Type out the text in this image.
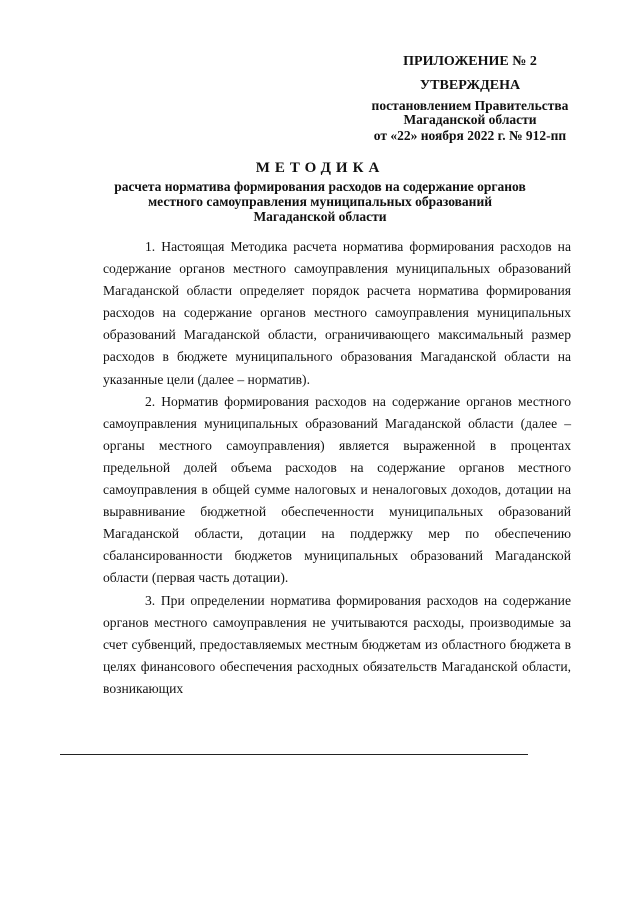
ПРИЛОЖЕНИЕ № 2
УТВЕРЖДЕНА
постановлением Правительства
Магаданской области
от «22» ноября 2022 г. № 912-пп
МЕТОДИКА
расчета норматива формирования расходов на содержание органов
местного самоуправления муниципальных образований
Магаданской области

1. Настоящая Методика расчета норматива формирования расходов на содержание органов местного самоуправления муниципальных образований Магаданской области определяет порядок расчета норматива формирования расходов на содержание органов местного самоуправления муниципальных образований Магаданской области, ограничивающего максимальный размер расходов в бюджете муниципального образования Магаданской области на указанные цели (далее – норматив).

2. Норматив формирования расходов на содержание органов местного самоуправления муниципальных образований Магаданской области (далее – органы местного самоуправления) является выраженной в процентах предельной долей объема расходов на содержание органов местного самоуправления в общей сумме налоговых и неналоговых доходов, дотации на выравнивание бюджетной обеспеченности муниципальных образований Магаданской области, дотации на поддержку мер по обеспечению сбалансированности бюджетов муниципальных образований Магаданской области (первая часть дотации).

3. При определении норматива формирования расходов на содержание органов местного самоуправления не учитываются расходы, производимые за счет субвенций, предоставляемых местным бюджетам из областного бюджета в целях финансового обеспечения расходных обязательств Магаданской области, возникающих
